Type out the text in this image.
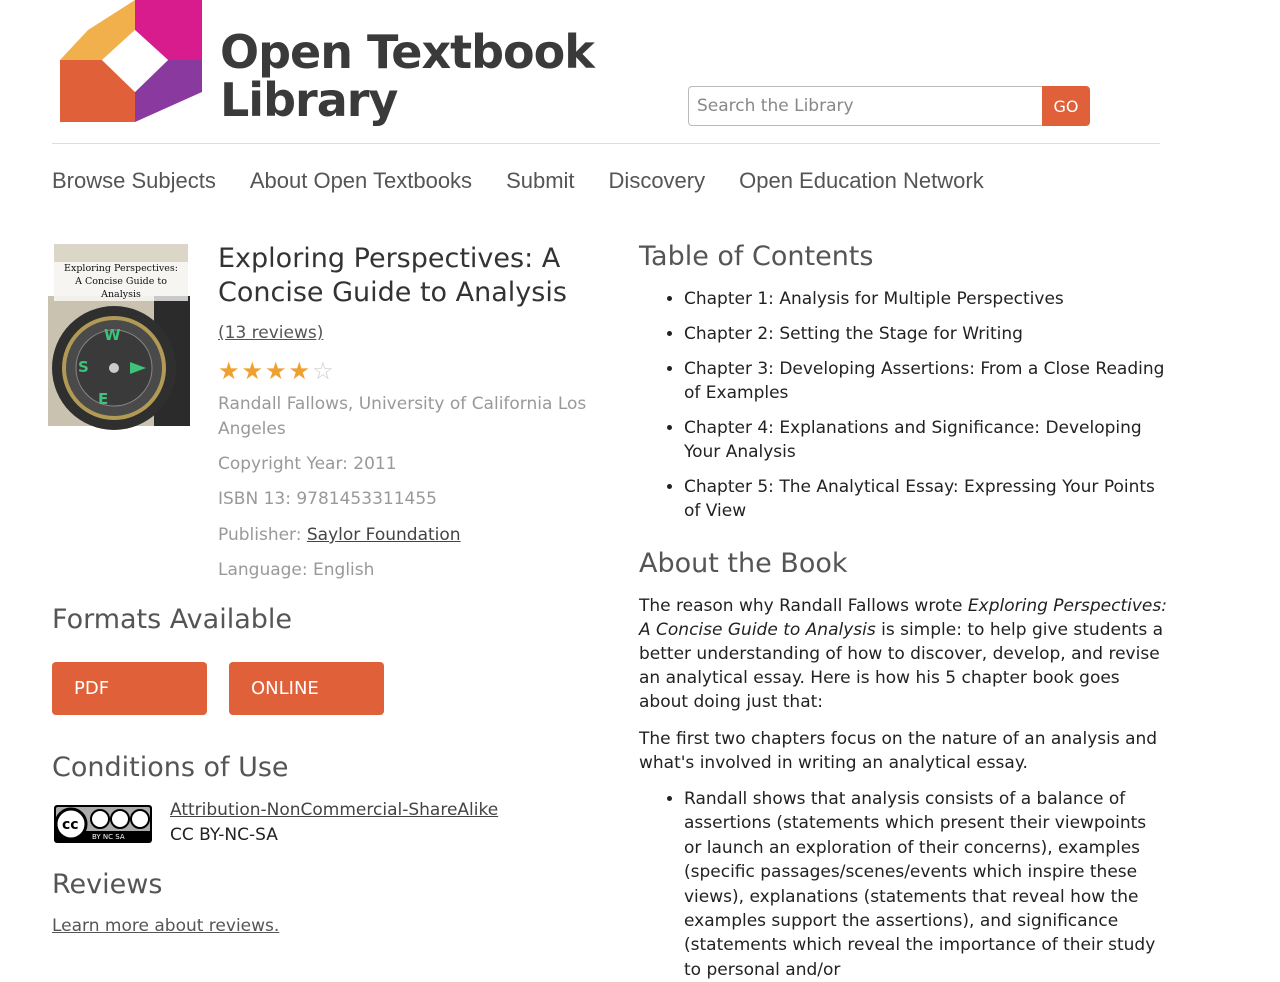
Open Textbook
Library
Search the Library	GO
Browse Subjects About Open Textbooks Submit Discovery Open Education Network
S
W
E
Exploring Perspectives:
A Concise Guide to Analysis
Exploring Perspectives: A Concise Guide to Analysis
(13 reviews)
★ ★ ★ ★ ☆
Randall Fallows, University of California Los Angeles
Copyright Year: 2011
ISBN 13: 9781453311455
Publisher: Saylor Foundation
Language: English
Formats Available
PDF	ONLINE
Conditions of Use
cc
BY NC SA
Attribution-NonCommercial-ShareAlike
CC BY-NC-SA
Reviews
Learn more about reviews.
Table of Contents
• Chapter 1: Analysis for Multiple Perspectives
• Chapter 2: Setting the Stage for Writing
• Chapter 3: Developing Assertions: From a Close Reading of Examples
• Chapter 4: Explanations and Significance: Developing Your Analysis
• Chapter 5: The Analytical Essay: Expressing Your Points of View
About the Book

The reason why Randall Fallows wrote Exploring Perspectives: A Concise Guide to Analysis is simple: to help give students a better understanding of how to discover, develop, and revise an analytical essay. Here is how his 5 chapter book goes about doing just that:

The first two chapters focus on the nature of an analysis and what's involved in writing an analytical essay.

• Randall shows that analysis consists of a balance of assertions (statements which present their viewpoints or launch an exploration of their concerns), examples (specific passages/scenes/events which inspire these views), explanations (statements that reveal how the examples support the assertions), and significance (statements which reveal the importance of their study to personal and/or
